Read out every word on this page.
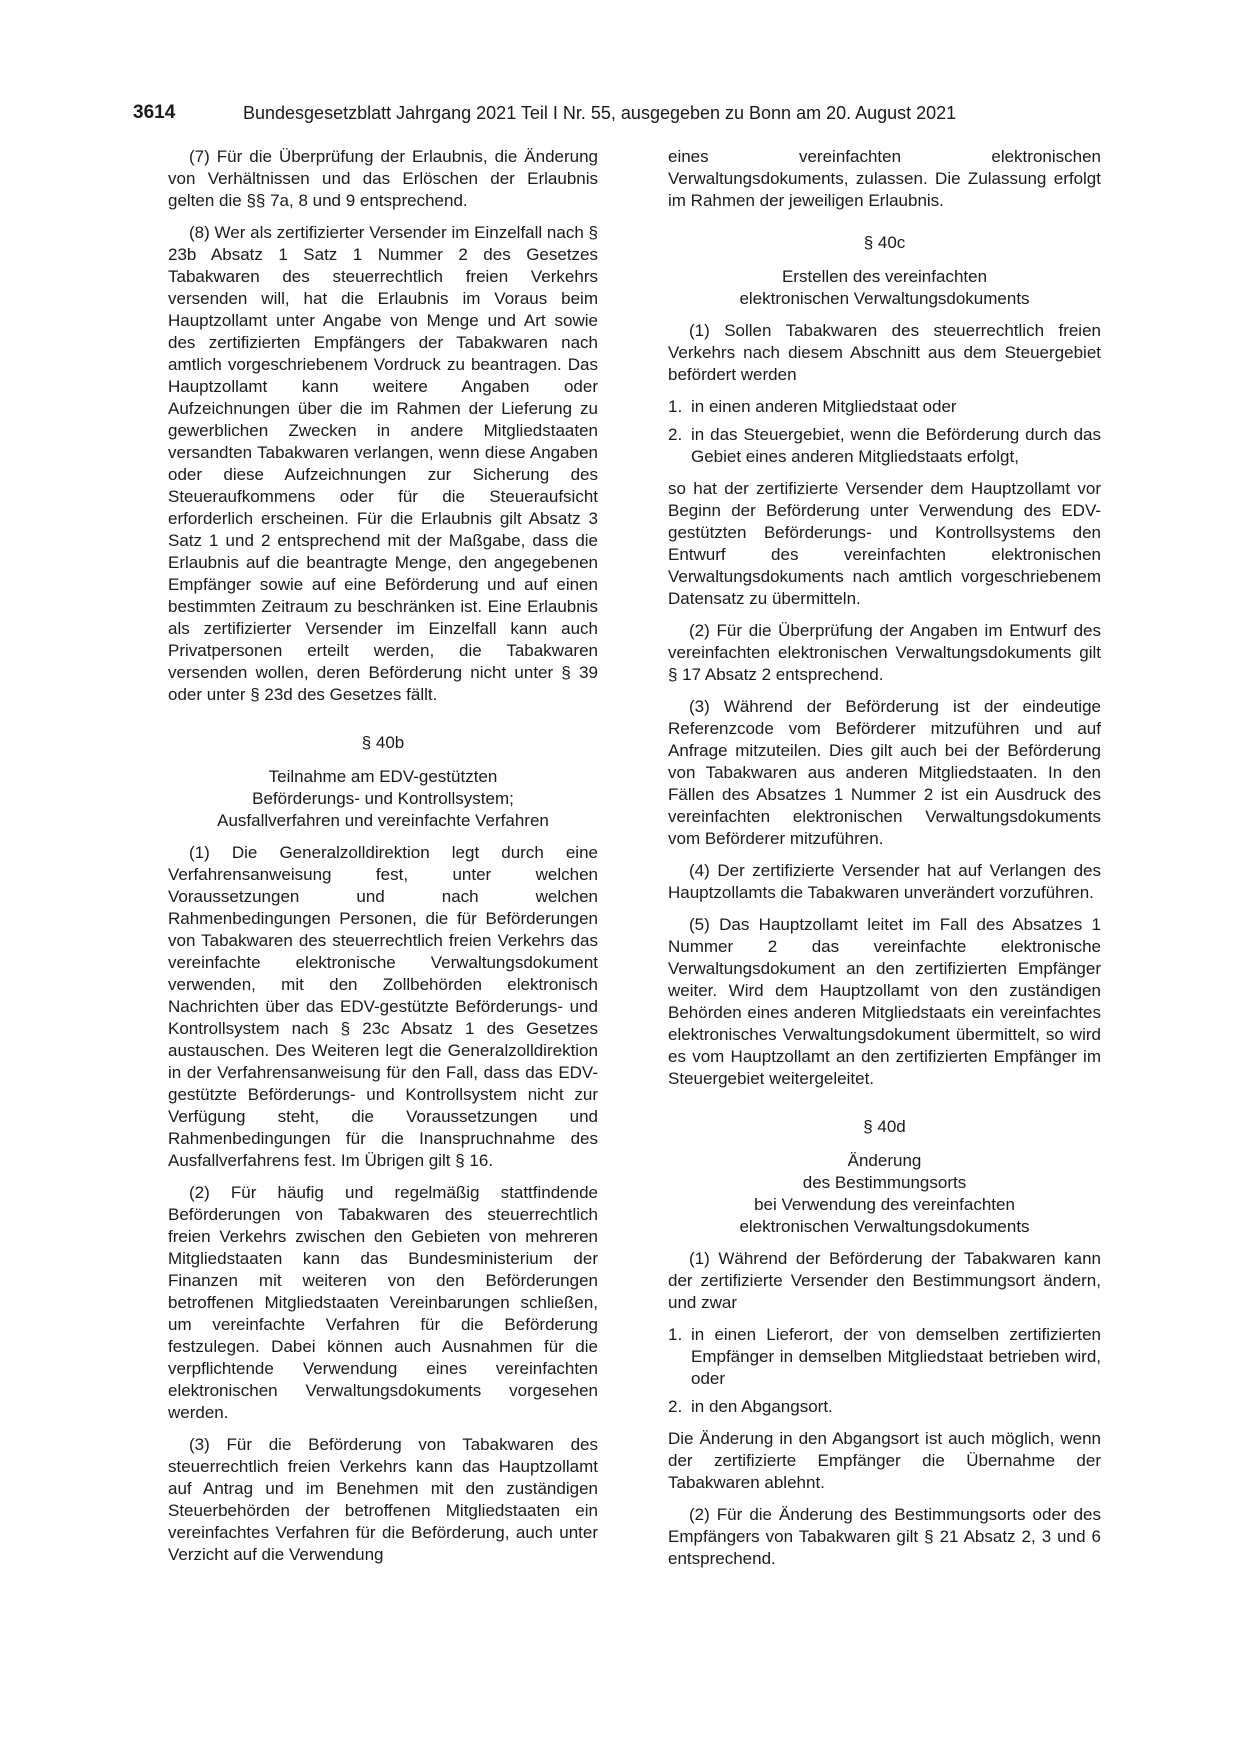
3614	Bundesgesetzblatt Jahrgang 2021 Teil I Nr. 55, ausgegeben zu Bonn am 20. August 2021

(7) Für die Überprüfung der Erlaubnis, die Änderung von Verhältnissen und das Erlöschen der Erlaubnis gelten die §§ 7a, 8 und 9 entsprechend.

(8) Wer als zertifizierter Versender im Einzelfall nach § 23b Absatz 1 Satz 1 Nummer 2 des Gesetzes Tabakwaren des steuerrechtlich freien Verkehrs versenden will, hat die Erlaubnis im Voraus beim Hauptzollamt unter Angabe von Menge und Art sowie des zertifizierten Empfängers der Tabakwaren nach amtlich vorgeschriebenem Vordruck zu beantragen. Das Hauptzollamt kann weitere Angaben oder Aufzeichnungen über die im Rahmen der Lieferung zu gewerblichen Zwecken in andere Mitgliedstaaten versandten Tabakwaren verlangen, wenn diese Angaben oder diese Aufzeichnungen zur Sicherung des Steueraufkommens oder für die Steueraufsicht erforderlich erscheinen. Für die Erlaubnis gilt Absatz 3 Satz 1 und 2 entsprechend mit der Maßgabe, dass die Erlaubnis auf die beantragte Menge, den angegebenen Empfänger sowie auf eine Beförderung und auf einen bestimmten Zeitraum zu beschränken ist. Eine Erlaubnis als zertifizierter Versender im Einzelfall kann auch Privatpersonen erteilt werden, die Tabakwaren versenden wollen, deren Beförderung nicht unter § 39 oder unter § 23d des Gesetzes fällt.

§ 40b
Teilnahme am EDV-gestützten
Beförderungs- und Kontrollsystem;
Ausfallverfahren und vereinfachte Verfahren

(1) Die Generalzolldirektion legt durch eine Verfahrensanweisung fest, unter welchen Voraussetzungen und nach welchen Rahmenbedingungen Personen, die für Beförderungen von Tabakwaren des steuerrechtlich freien Verkehrs das vereinfachte elektronische Verwaltungsdokument verwenden, mit den Zollbehörden elektronisch Nachrichten über das EDV-gestützte Beförderungs- und Kontrollsystem nach § 23c Absatz 1 des Gesetzes austauschen. Des Weiteren legt die Generalzolldirektion in der Verfahrensanweisung für den Fall, dass das EDV-gestützte Beförderungs- und Kontrollsystem nicht zur Verfügung steht, die Voraussetzungen und Rahmenbedingungen für die Inanspruchnahme des Ausfallverfahrens fest. Im Übrigen gilt § 16.

(2) Für häufig und regelmäßig stattfindende Beförderungen von Tabakwaren des steuerrechtlich freien Verkehrs zwischen den Gebieten von mehreren Mitgliedstaaten kann das Bundesministerium der Finanzen mit weiteren von den Beförderungen betroffenen Mitgliedstaaten Vereinbarungen schließen, um vereinfachte Verfahren für die Beförderung festzulegen. Dabei können auch Ausnahmen für die verpflichtende Verwendung eines vereinfachten elektronischen Verwaltungsdokuments vorgesehen werden.

(3) Für die Beförderung von Tabakwaren des steuerrechtlich freien Verkehrs kann das Hauptzollamt auf Antrag und im Benehmen mit den zuständigen Steuerbehörden der betroffenen Mitgliedstaaten ein vereinfachtes Verfahren für die Beförderung, auch unter Verzicht auf die Verwendung

eines vereinfachten elektronischen Verwaltungsdokuments, zulassen. Die Zulassung erfolgt im Rahmen der jeweiligen Erlaubnis.

§ 40c
Erstellen des vereinfachten
elektronischen Verwaltungsdokuments

(1) Sollen Tabakwaren des steuerrechtlich freien Verkehrs nach diesem Abschnitt aus dem Steuergebiet befördert werden

1. in einen anderen Mitgliedstaat oder
2. in das Steuergebiet, wenn die Beförderung durch das Gebiet eines anderen Mitgliedstaats erfolgt,

so hat der zertifizierte Versender dem Hauptzollamt vor Beginn der Beförderung unter Verwendung des EDV-gestützten Beförderungs- und Kontrollsystems den Entwurf des vereinfachten elektronischen Verwaltungsdokuments nach amtlich vorgeschriebenem Datensatz zu übermitteln.

(2) Für die Überprüfung der Angaben im Entwurf des vereinfachten elektronischen Verwaltungsdokuments gilt § 17 Absatz 2 entsprechend.

(3) Während der Beförderung ist der eindeutige Referenzcode vom Beförderer mitzuführen und auf Anfrage mitzuteilen. Dies gilt auch bei der Beförderung von Tabakwaren aus anderen Mitgliedstaaten. In den Fällen des Absatzes 1 Nummer 2 ist ein Ausdruck des vereinfachten elektronischen Verwaltungsdokuments vom Beförderer mitzuführen.

(4) Der zertifizierte Versender hat auf Verlangen des Hauptzollamts die Tabakwaren unverändert vorzuführen.

(5) Das Hauptzollamt leitet im Fall des Absatzes 1 Nummer 2 das vereinfachte elektronische Verwaltungsdokument an den zertifizierten Empfänger weiter. Wird dem Hauptzollamt von den zuständigen Behörden eines anderen Mitgliedstaats ein vereinfachtes elektronisches Verwaltungsdokument übermittelt, so wird es vom Hauptzollamt an den zertifizierten Empfänger im Steuergebiet weitergeleitet.

§ 40d
Änderung
des Bestimmungsorts
bei Verwendung des vereinfachten
elektronischen Verwaltungsdokuments

(1) Während der Beförderung der Tabakwaren kann der zertifizierte Versender den Bestimmungsort ändern, und zwar

1. in einen Lieferort, der von demselben zertifizierten Empfänger in demselben Mitgliedstaat betrieben wird, oder
2. in den Abgangsort.

Die Änderung in den Abgangsort ist auch möglich, wenn der zertifizierte Empfänger die Übernahme der Tabakwaren ablehnt.

(2) Für die Änderung des Bestimmungsorts oder des Empfängers von Tabakwaren gilt § 21 Absatz 2, 3 und 6 entsprechend.
